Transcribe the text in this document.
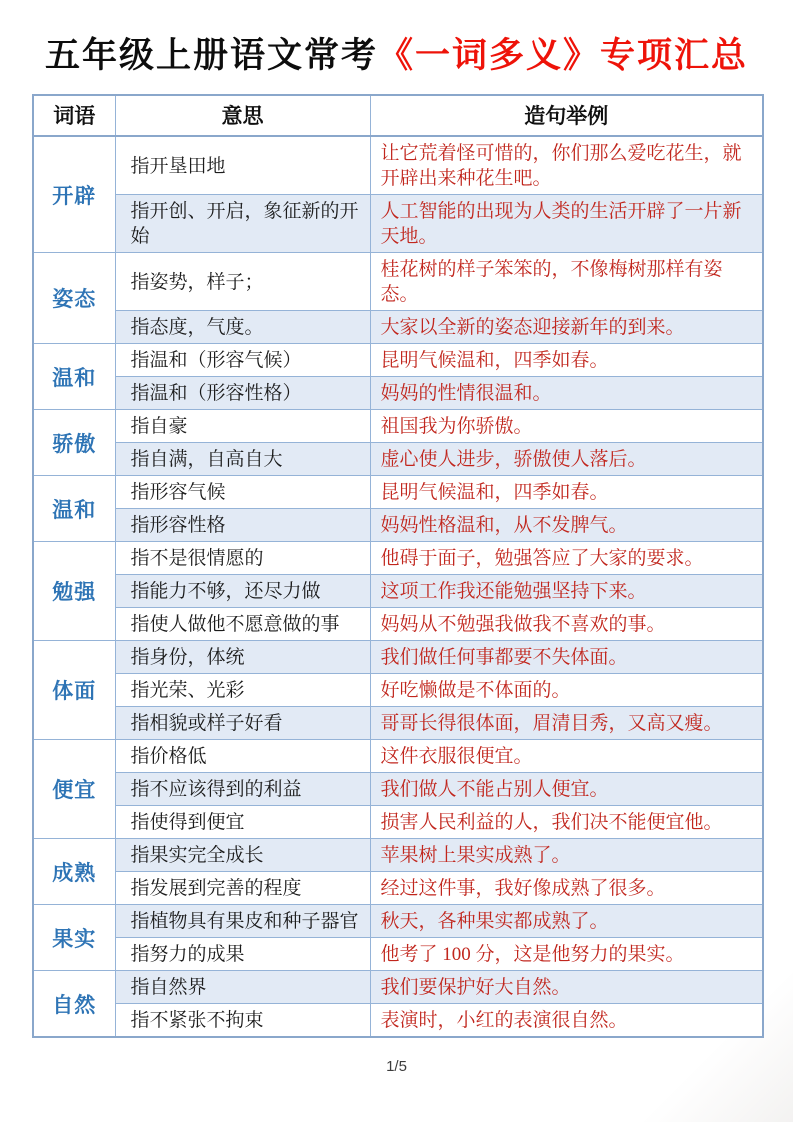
五年级上册语文常考《一词多义》专项汇总
词语	意思	造句举例
开辟	指开垦田地	让它荒着怪可惜的，你们那么爱吃花生，就开辟出来种花生吧。
	指开创、开启，象征新的开始	人工智能的出现为人类的生活开辟了一片新天地。
姿态	指姿势，样子；	桂花树的样子笨笨的，不像梅树那样有姿态。
	指态度，气度。	大家以全新的姿态迎接新年的到来。
温和	指温和（形容气候）	昆明气候温和，四季如春。
	指温和（形容性格）	妈妈的性情很温和。
骄傲	指自豪	祖国我为你骄傲。
	指自满，自高自大	虚心使人进步，骄傲使人落后。
温和	指形容气候	昆明气候温和，四季如春。
	指形容性格	妈妈性格温和，从不发脾气。
勉强	指不是很情愿的	他碍于面子，勉强答应了大家的要求。
	指能力不够，还尽力做	这项工作我还能勉强坚持下来。
	指使人做他不愿意做的事	妈妈从不勉强我做我不喜欢的事。
体面	指身份，体统	我们做任何事都要不失体面。
	指光荣、光彩	好吃懒做是不体面的。
	指相貌或样子好看	哥哥长得很体面，眉清目秀，又高又瘦。
便宜	指价格低	这件衣服很便宜。
	指不应该得到的利益	我们做人不能占别人便宜。
	指使得到便宜	损害人民利益的人，我们决不能便宜他。
成熟	指果实完全成长	苹果树上果实成熟了。
	指发展到完善的程度	经过这件事，我好像成熟了很多。
果实	指植物具有果皮和种子器官	秋天，各种果实都成熟了。
	指努力的成果	他考了 100 分，这是他努力的果实。
自然	指自然界	我们要保护好大自然。
	指不紧张不拘束	表演时，小红的表演很自然。
1/5
